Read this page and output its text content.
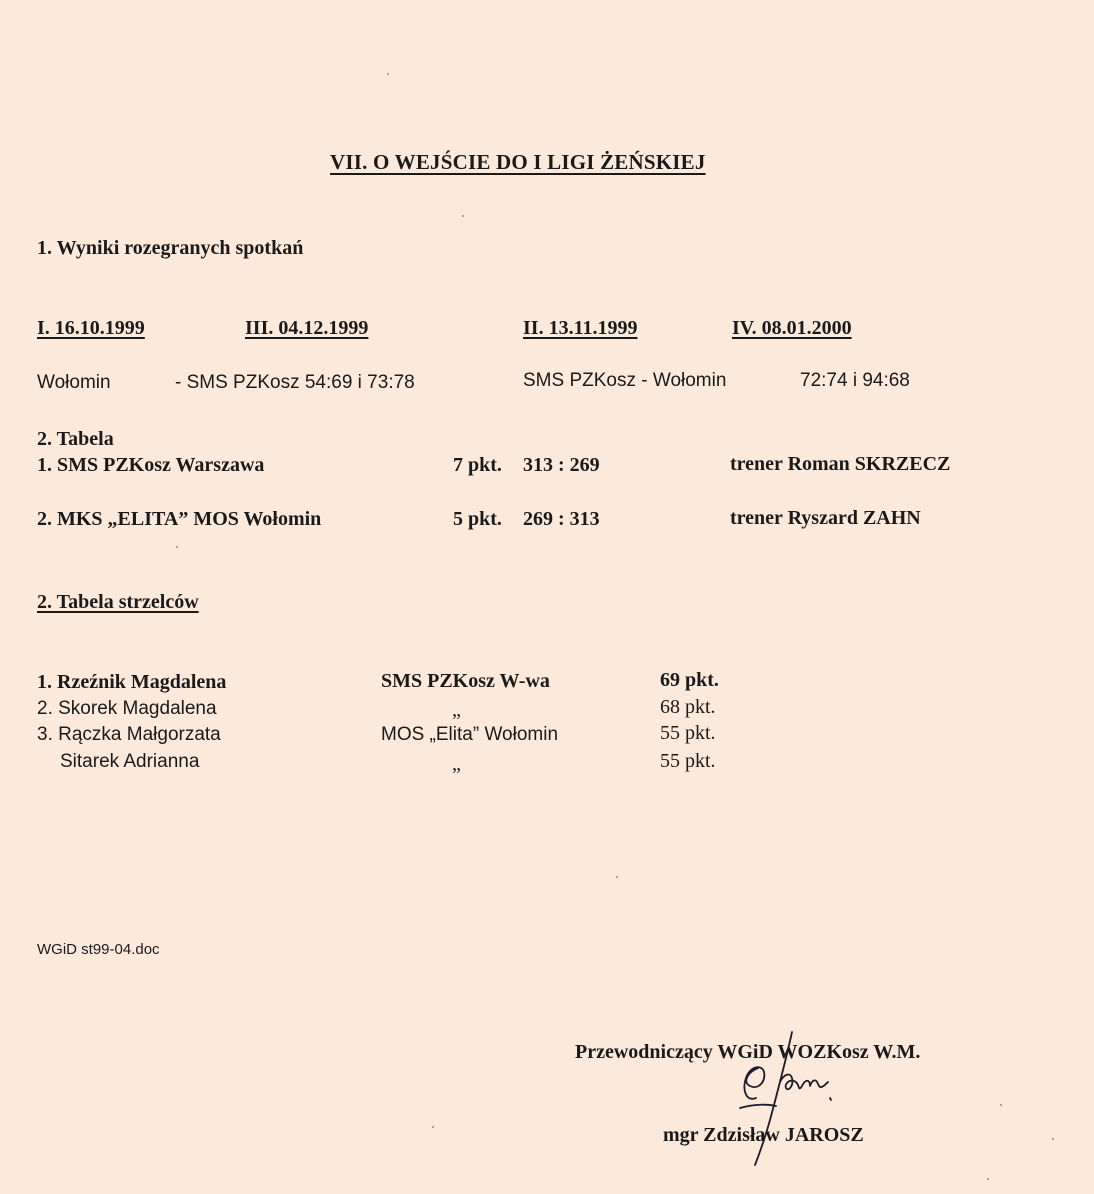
VII. O WEJŚCIE DO I LIGI ŻEŃSKIEJ
1. Wyniki rozegranych spotkań
I. 16.10.1999	III. 04.12.1999	II. 13.11.1999	IV. 08.01.2000
Wołomin	- SMS PZKosz 54:69 i 73:78	SMS PZKosz - Wołomin	72:74 i 94:68
2. Tabela
1. SMS PZKosz Warszawa	7 pkt. 313 : 269	trener Roman SKRZECZ
2. MKS „ELITA” MOS Wołomin	5 pkt. 269 : 313	trener Ryszard ZAHN
2. Tabela strzelców
1. Rzeźnik Magdalena	SMS PZKosz W-wa	69 pkt.
2. Skorek Magdalena	„	68 pkt.
3. Rączka Małgorzata	MOS „Elita” Wołomin	55 pkt.
Sitarek Adrianna	„	55 pkt.
WGiD st99-04.doc
Przewodniczący WGiD WOZKosz W.M.
mgr Zdzisław JAROSZ
